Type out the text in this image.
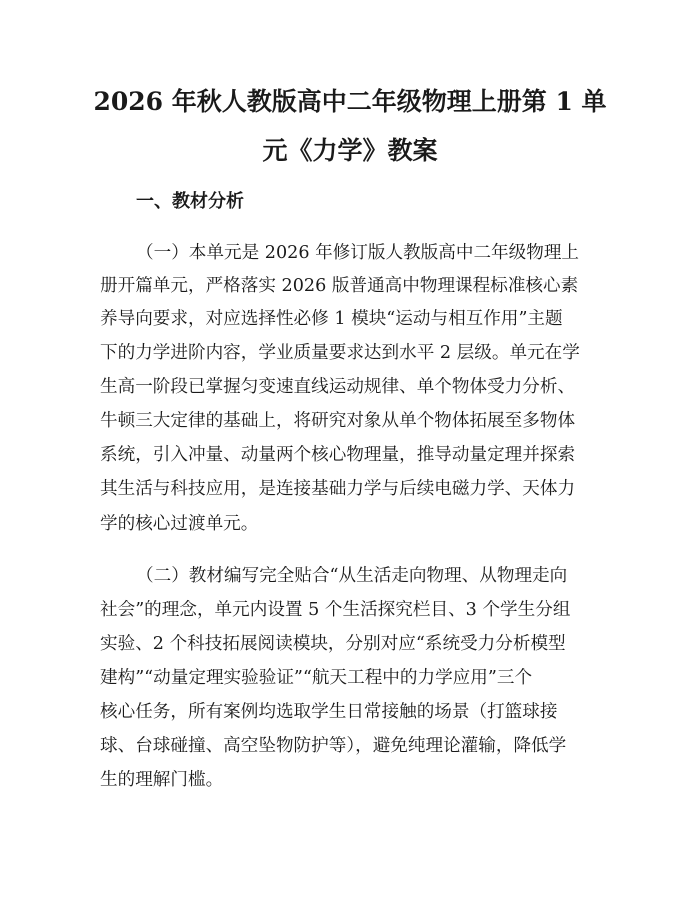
2026 年秋人教版高中二年级物理上册第 1 单
元《力学》教案
一、教材分析

（一）本单元是 2026 年修订版人教版高中二年级物理上

册开篇单元，严格落实 2026 版普通高中物理课程标准核心素

养导向要求，对应选择性必修 1 模块“运动与相互作用”主题

下的力学进阶内容，学业质量要求达到水平 2 层级。单元在学

生高一阶段已掌握匀变速直线运动规律、单个物体受力分析、

牛顿三大定律的基础上，将研究对象从单个物体拓展至多物体

系统，引入冲量、动量两个核心物理量，推导动量定理并探索

其生活与科技应用，是连接基础力学与后续电磁力学、天体力

学的核心过渡单元。

（二）教材编写完全贴合“从生活走向物理、从物理走向

社会”的理念，单元内设置 5 个生活探究栏目、3 个学生分组

实验、2 个科技拓展阅读模块，分别对应“系统受力分析模型

建构”“动量定理实验验证”“航天工程中的力学应用”三个

核心任务，所有案例均选取学生日常接触的场景（打篮球接

球、台球碰撞、高空坠物防护等），避免纯理论灌输，降低学

生的理解门槛。
